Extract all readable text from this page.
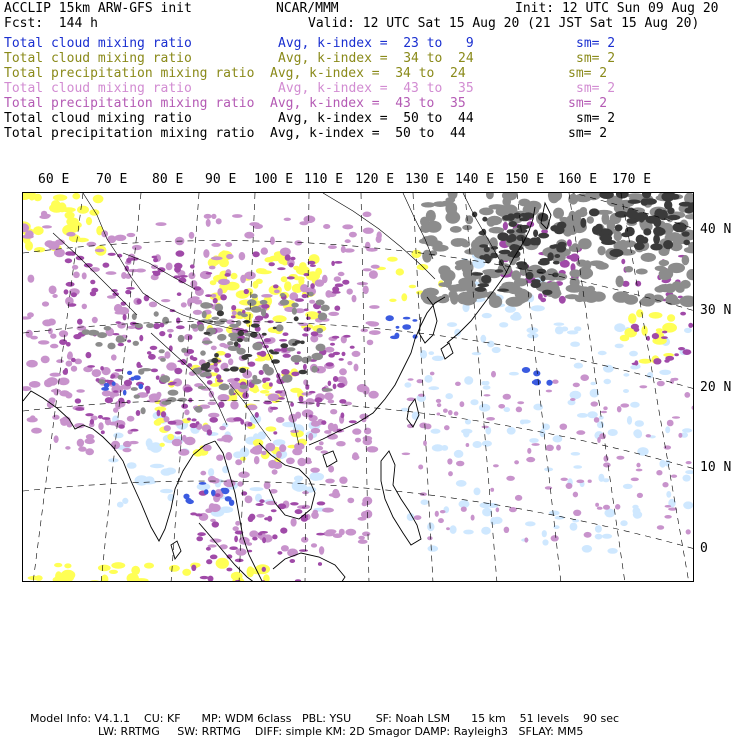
ACCLIP 15km ARW-GFS init	NCAR/MMM	Init: 12 UTC Sun 09 Aug 20
Fcst:  144 h	Valid: 12 UTC Sat 15 Aug 20 (21 JST Sat 15 Aug 20)
Total cloud mixing ratio	Avg, k-index =  23 to   9	sm= 2
Total cloud mixing ratio	Avg, k-index =  34 to  24	sm= 2
Total precipitation mixing ratio Avg, k-index =  34 to  24	sm= 2
Total cloud mixing ratio	Avg, k-index =  43 to  35	sm= 2
Total precipitation mixing ratio Avg, k-index =  43 to  35	sm= 2
Total cloud mixing ratio	Avg, k-index =  50 to  44	sm= 2
Total precipitation mixing ratio Avg, k-index =  50 to  44	sm= 2
60 E 70 E 80 E 90 E 100 E 110 E 120 E 130 E 140 E 150 E 160 E 170 E
40 N
30 N
20 N
10 N
0
Model Info: V4.1.1    CU: KF      MP: WDM 6class   PBL: YSU       SF: Noah LSM      15 km    51 levels    90 sec
LW: RRTMG     SW: RRTMG    DIFF: simple KM: 2D Smagor DAMP: Rayleigh3   SFLAY: MM5
